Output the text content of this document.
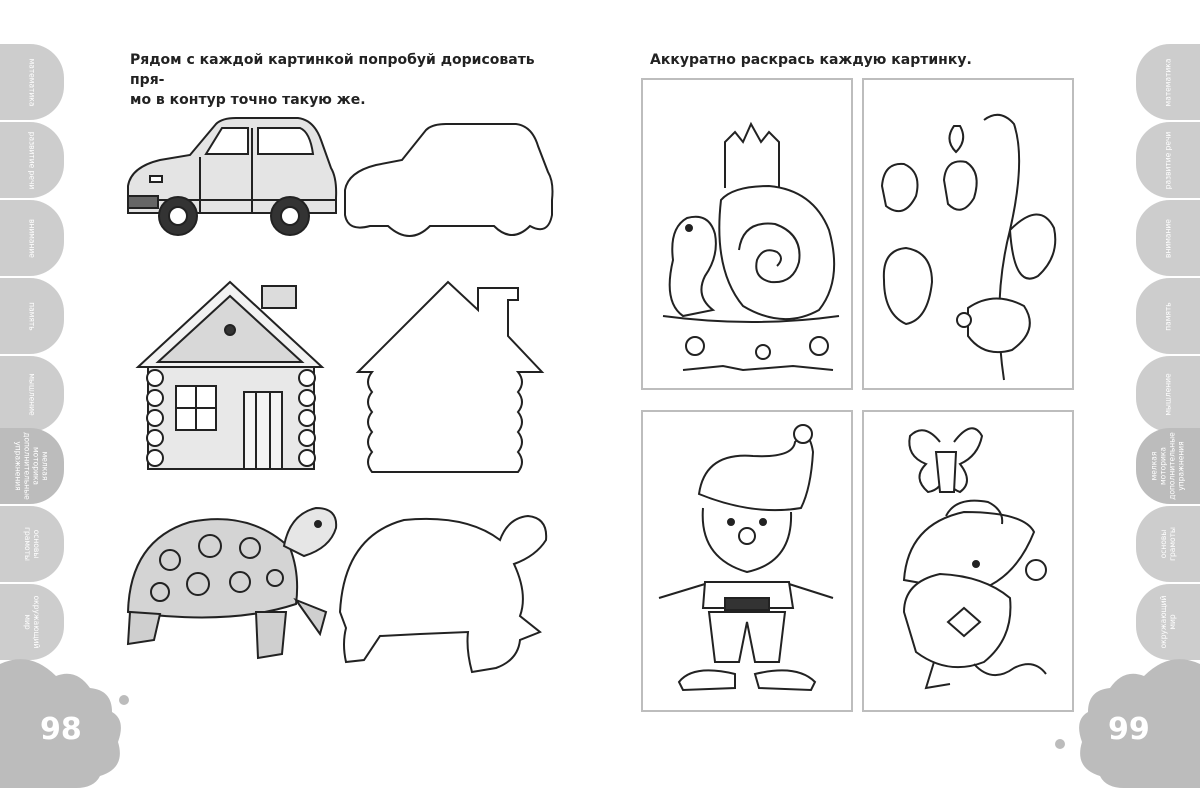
математика
развитие речи
внимание
память
мышление
мелкая моторика дополнительные упражнения
основы грамоты
окружающий мир
математика
развитие речи
внимание
память
мышление
мелкая моторика дополнительные упражнения
основы грамоты
окружающий мир

Рядом с каждой картинкой попробуй дорисовать пря-
мо в контур точно такую же.

Аккуратно раскрась каждую картинку.

98	99
